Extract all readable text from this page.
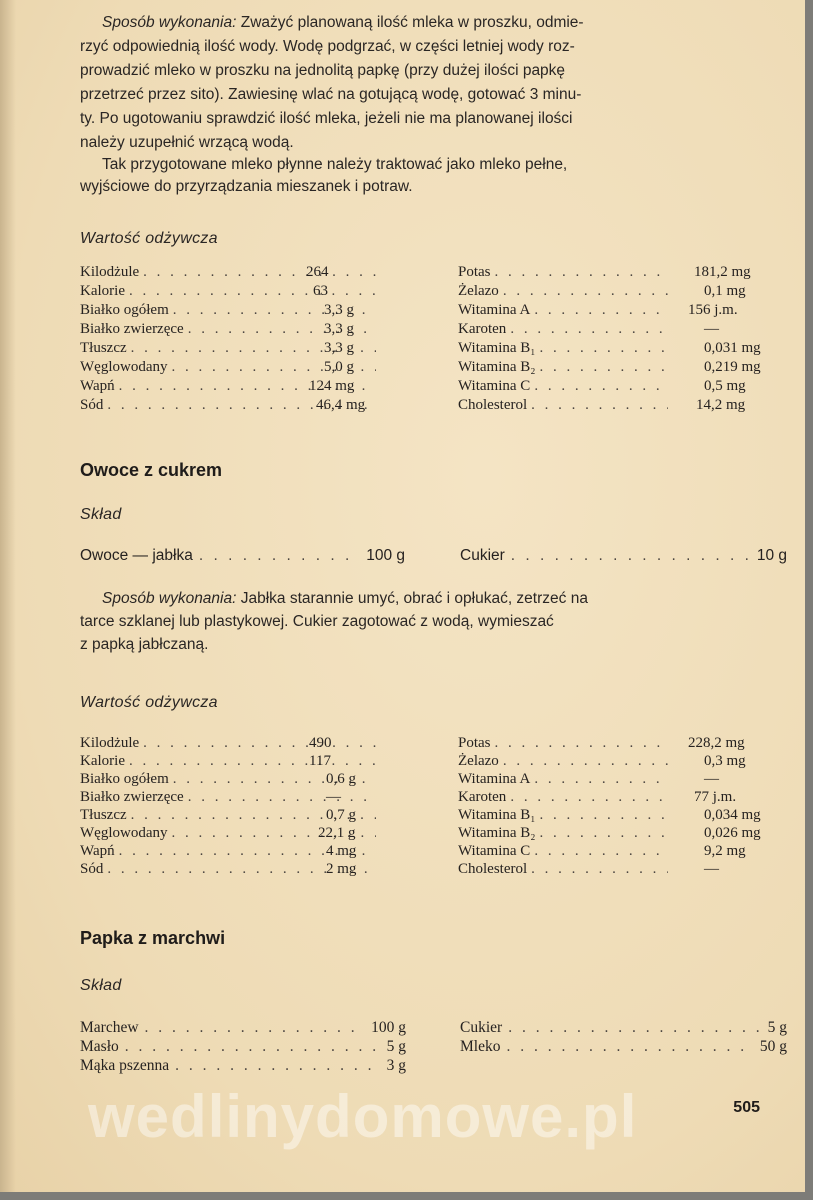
Sposób wykonania: Zważyć planowaną ilość mleka w proszku, odmie-

rzyć odpowiednią ilość wody. Wodę podgrzać, w części letniej wody roz-

prowadzić mleko w proszku na jednolitą papkę (przy dużej ilości papkę

przetrzeć przez sito). Zawiesinę wlać na gotującą wodę, gotować 3 minu-

ty. Po ugotowaniu sprawdzić ilość mleka, jeżeli nie ma planowanej ilości

należy uzupełnić wrzącą wodą.

Tak przygotowane mleko płynne należy traktować jako mleko pełne,

wyjściowe do przyrządzania mieszanek i potraw.

Wartość odżywcza

Kilodżule . . .	264
Kalorie . . .	63
Białko ogółem . . .	3,3 g
Białko zwierzęce . . .	3,3 g
Tłuszcz . . .	3,3 g
Węglowodany . . .	5,0 g
Wapń . . .	124 mg
Sód . . .	46,4 mg
Potas . . .	181,2 mg
Żelazo . . .	0,1 mg
Witamina A . . .	156 j.m.
Karoten . . .	—
Witamina B₁ . . .	0,031 mg
Witamina B₂ . . .	0,219 mg
Witamina C . . .	0,5 mg
Cholesterol . . .	14,2 mg
Owoce z cukrem

Skład

Owoce — jabłka . . .	100 g	Cukier . . .	10 g

Sposób wykonania: Jabłka starannie umyć, obrać i opłukać, zetrzeć na

tarce szklanej lub plastykowej. Cukier zagotować z wodą, wymieszać

z papką jabłczaną.

Wartość odżywcza

Kilodżule . . .	490
Kalorie . . .	117
Białko ogółem . . .	0,6 g
Białko zwierzęce . . .	—
Tłuszcz . . .	0,7 g
Węglowodany . . .	22,1 g
Wapń . . .	4 mg
Sód . . .	2 mg
Potas . . .	228,2 mg
Żelazo . . .	0,3 mg
Witamina A . . .	—
Karoten . . .	77 j.m.
Witamina B₁ . . .	0,034 mg
Witamina B₂ . . .	0,026 mg
Witamina C . . .	9,2 mg
Cholesterol . . .	—
Papka z marchwi

Skład

Marchew . . .	100 g
Masło . . .	5 g
Mąka pszenna . . .	3 g
Cukier . . .	5 g
Mleko . . .	50 g
wedlinydomowe.pl	505
